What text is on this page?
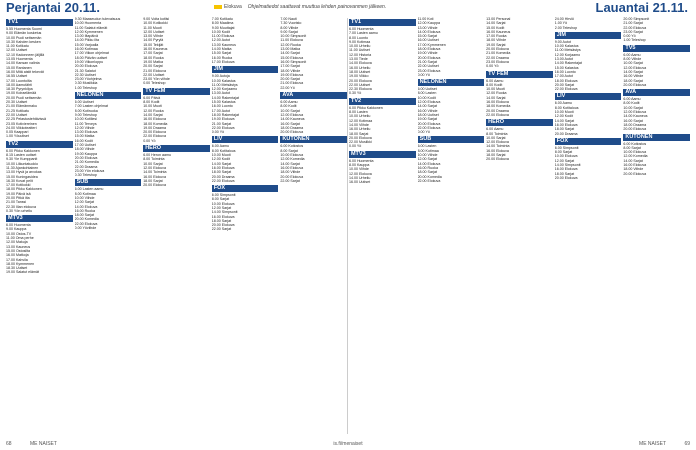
Perjantai 20.11.	Elokuva Ohjelmatiedot saattavat muuttua lehden painovanmen jälkeen.	Lauantai 21.11.
TV1
5.55 Huomenta Suomi
9.00 Elämän kosketus
10.00 Puoli seitsemän
10.30 Kahden kesken
11.00 Kotikatu
12.00 Uutiset
12.10 Kadonneen jäljillä
13.05 Huomenta
14.00 Kansan valinta
15.00 Rantanen
16.00 Mitä aistit tekevät
16.55 Uutiset
17.00 Luontoilta
18.00 Aamutähti
18.30 Pyrynkilpa
19.00 Koiraelämää
20.00 Puoli seitsemän
20.30 Uutiset
21.00 Elämänmaku
21.25 Kotikatu
22.00 Uutiset
22.25 Pelastustehtävissä
23.05 Kotiviereinen
24.00 Viikkoteatteri
0.05 Kaappari
1.00 Yöuutiset
TV2
6.00 Pikku Kakkonen
8.15 Lasten uutiset
9.30 Yle Kumppanit
10.00 Liikuntatuokio
11.30 Ajankohtainen
13.00 Hyvä ja arvokas
15.00 Kuningasidea
16.30 Kovat pelit
17.00 Kotikokki
18.00 Pikku Kakkonen
19.00 Päivä isä
20.00 Pitkä ilta
21.00 Tanssi
22.30 Illan elokuva
0.30 Yön urheilu
MTV3
6.00 Huomenta
9.00 Kauppa
10.00 Ostos-TV
11.00 Oma perhe
12.00 Makuja
13.00 Kauneus
15.00 Ostosilta
16.00 Matkoja
17.00 Kahvila
18.00 Kymmenen
18.30 Uutiset
19.00 Salatut elämät
9.30 Maaseudun tulevaisuus
10.00 Huomenta
11.00 Salatut elämät
12.00 Kymmenen
13.00 Iltapäivä
14.00 Pikku ilta
15.00 Varjoalla
16.00 Kotimaa
17.00 Viikon ohjelmat
18.00 Päivän uutiset
19.00 Viikonloppu
20.00 Elokuva
21.30 Salatut
22.30 Uutiset
23.00 Yöohjelma
0.30 Musiikkia
1.00 Teleshop
NELONEN
6.00 Uutiset
7.00 Lasten ohjelmat
8.00 Kotiruoka
9.00 Teleshop
10.00 Kotiliesi
11.00 Terveys
12.00 Viihde
13.00 Elokuva
15.00 Matka
16.00 Kodit
17.00 Uutiset
18.00 Viihde
19.00 Kauppa
20.00 Elokuva
21.00 Komedia
22.00 Draama
23.00 Yön elokuva
0.30 Teleshop
SUB
6.00 Lasten aamu
8.00 Kotimaa
10.00 Viihde
12.00 Sarjat
14.00 Elokuva
16.00 Ruoka
18.00 Sarjat
20.00 Komedia
22.00 Elokuva
0.00 Yöviihde
9.00 Voita kotiisi
10.00 Kotikokki
11.00 Muoti
12.00 Uutiset
13.00 Viihde
14.00 Pyrylä
15.00 Tekijät
16.00 Kauneus
17.00 Sarjat
18.00 Ruoka
19.00 Matka
20.00 Sarjat
21.00 Elokuva
22.00 Uutiset
23.00 Yön viihde
0.00 Teleshop
TV FEM
6.00 Päivä
8.00 Kodit
10.00 Muoti
12.00 Ruoka
14.00 Sarjat
16.00 Elokuva
18.00 Komedia
19.00 Draama
20.00 Elokuva
22.00 Elokuva
0.00 Yö
HERO
6.00 Heron aamu
8.00 Toiminta
10.00 Sarjat
12.00 Elokuva
14.00 Toiminta
16.00 Elokuva
18.00 Sarjat
20.00 Elokuva
7.00 Kotikatu
8.00 Maailma
9.00 Muuttajat
10.00 Kodit
11.00 Elokuva
12.00 Autot
13.00 Kauneus
14.00 Matka
15.00 Sarjat
16.00 Ruoka
17.00 Elokuva
JIM
9.00 Autoja
10.00 Kalastus
11.00 Metsästys
12.00 Korjaamo
13.00 Autot
14.00 Rakentajat
15.00 Kalastus
16.00 Luonto
17.00 Autot
18.00 Rakentajat
19.00 Elokuva
21.00 Sarjat
22.00 Elokuva
0.00 Yö
LIV
6.00 Aamu
8.00 Kotitalous
10.00 Muoti
12.00 Kodit
14.00 Sarjat
16.00 Elokuva
18.00 Sarjat
20.00 Draama
22.00 Elokuva
FOX
6.00 Simpsonit
8.00 Sarjat
10.00 Elokuva
12.00 Sarjat
14.00 Simpsonit
16.00 Elokuva
18.00 Sarjat
20.00 Elokuva
22.00 Sarjat
7.00 Nauti
7.30 Vuoristo
8.00 Viihde
9.00 Sarjat
10.00 Simpsonit
11.00 Elokuva
12.00 Ruoka
13.00 Matka
14.00 Sarjat
15.00 Elokuva
16.00 Simpsonit
17.00 Sarjat
18.00 Viihde
19.00 Elokuva
20.00 Sarjat
21.00 Elokuva
22.00 Yö
AVA
6.00 Aamu
8.00 Kodit
10.00 Sarjat
12.00 Elokuva
14.00 Kauneus
16.00 Sarjat
18.00 Draama
20.00 Elokuva
KUTONEN
6.00 Kotiostos
8.00 Sarjat
10.00 Elokuva
12.00 Komedia
14.00 Sarjat
16.00 Elokuva
18.00 Viihde
20.00 Elokuva
22.00 Sarjat
TV1
6.00 Huomenta
7.00 Lasten aamu
8.00 Luonto
9.00 Kotimaa
10.00 Urheilu
11.00 Uutiset
12.00 Historia
13.00 Tiede
14.00 Elokuva
16.00 Urheilu
18.00 Uutiset
19.00 Viikko
20.00 Elokuva
22.00 Uutiset
22.30 Elokuva
0.30 Yö
TV2
6.00 Pikku Kakkonen
8.00 Lasten
10.00 Urheilu
12.00 Kotimaa
14.00 Viihde
16.00 Urheilu
18.00 Sarjat
20.00 Elokuva
22.00 Musiikki
0.00 Yö
MTV3
6.00 Huomenta
8.00 Kauppa
10.00 Viihde
12.00 Elokuva
14.00 Urheilu
16.00 Uutiset
11.00 Koti
12.00 Kauppa
13.00 Viihde
14.00 Elokuva
15.00 Sarjat
16.00 Uutiset
17.00 Kymmenen
18.00 Elokuva
19.00 Viihde
20.00 Elokuva
21.00 Sarjat
22.00 Uutiset
23.00 Elokuva
0.00 Yö
NELONEN
6.00 Uutiset
8.00 Lasten
10.00 Kodit
12.00 Elokuva
14.00 Sarjat
16.00 Viihde
18.00 Uutiset
19.00 Sarjat
20.00 Elokuva
22.00 Elokuva
0.00 Yö
SUB
6.00 Lasten
8.00 Kotimaa
10.00 Viihde
12.00 Sarjat
14.00 Elokuva
16.00 Ruoka
18.00 Sarjat
20.00 Komedia
22.00 Elokuva
13.00 Personal
14.00 Sarjat
15.00 Kodit
16.00 Kauneus
17.00 Ruoka
18.00 Viihde
19.00 Sarjat
20.00 Elokuva
21.00 Komedia
22.00 Draama
23.00 Elokuva
0.00 Yö
TV FEM
6.00 Aamu
8.00 Kodit
10.00 Muoti
12.00 Ruoka
14.00 Sarjat
16.00 Elokuva
18.00 Komedia
20.00 Draama
22.00 Elokuva
HERO
6.00 Aamu
8.00 Toiminta
10.00 Sarjat
12.00 Elokuva
14.00 Toiminta
16.00 Elokuva
18.00 Sarjat
20.00 Elokuva
24.00 Hirviö
1.00 Yö
2.00 Teleshop
JIM
9.00 Autot
10.00 Kalastus
11.00 Metsästys
12.00 Korjaamo
13.00 Autot
14.00 Rakentajat
15.00 Kalastus
16.00 Luonto
17.00 Autot
18.00 Elokuva
20.00 Sarjat
22.00 Elokuva
LIV
6.00 Aamu
8.00 Kotitalous
10.00 Muoti
12.00 Kodit
14.00 Sarjat
16.00 Elokuva
18.00 Sarjat
20.00 Draama
FOX
6.00 Simpsonit
8.00 Sarjat
10.00 Elokuva
12.00 Sarjat
14.00 Simpsonit
16.00 Elokuva
18.00 Sarjat
20.00 Elokuva
20.00 Simpsonit
21.00 Sarjat
22.00 Elokuva
23.00 Sarjat
0.00 Yö
1.00 Teleshop
TV5
6.00 Aamu
8.00 Viihde
10.00 Sarjat
12.00 Elokuva
14.00 Sarjat
16.00 Viihde
18.00 Sarjat
20.00 Elokuva
AVA
6.00 Aamu
8.00 Kodit
10.00 Sarjat
12.00 Elokuva
14.00 Kauneus
16.00 Sarjat
18.00 Draama
20.00 Elokuva
KUTONEN
6.00 Kotiostos
8.00 Sarjat
10.00 Elokuva
12.00 Komedia
14.00 Sarjat
16.00 Elokuva
18.00 Viihde
20.00 Elokuva
68	ME NAISET	is.fi/menaiset	ME NAISET	69
